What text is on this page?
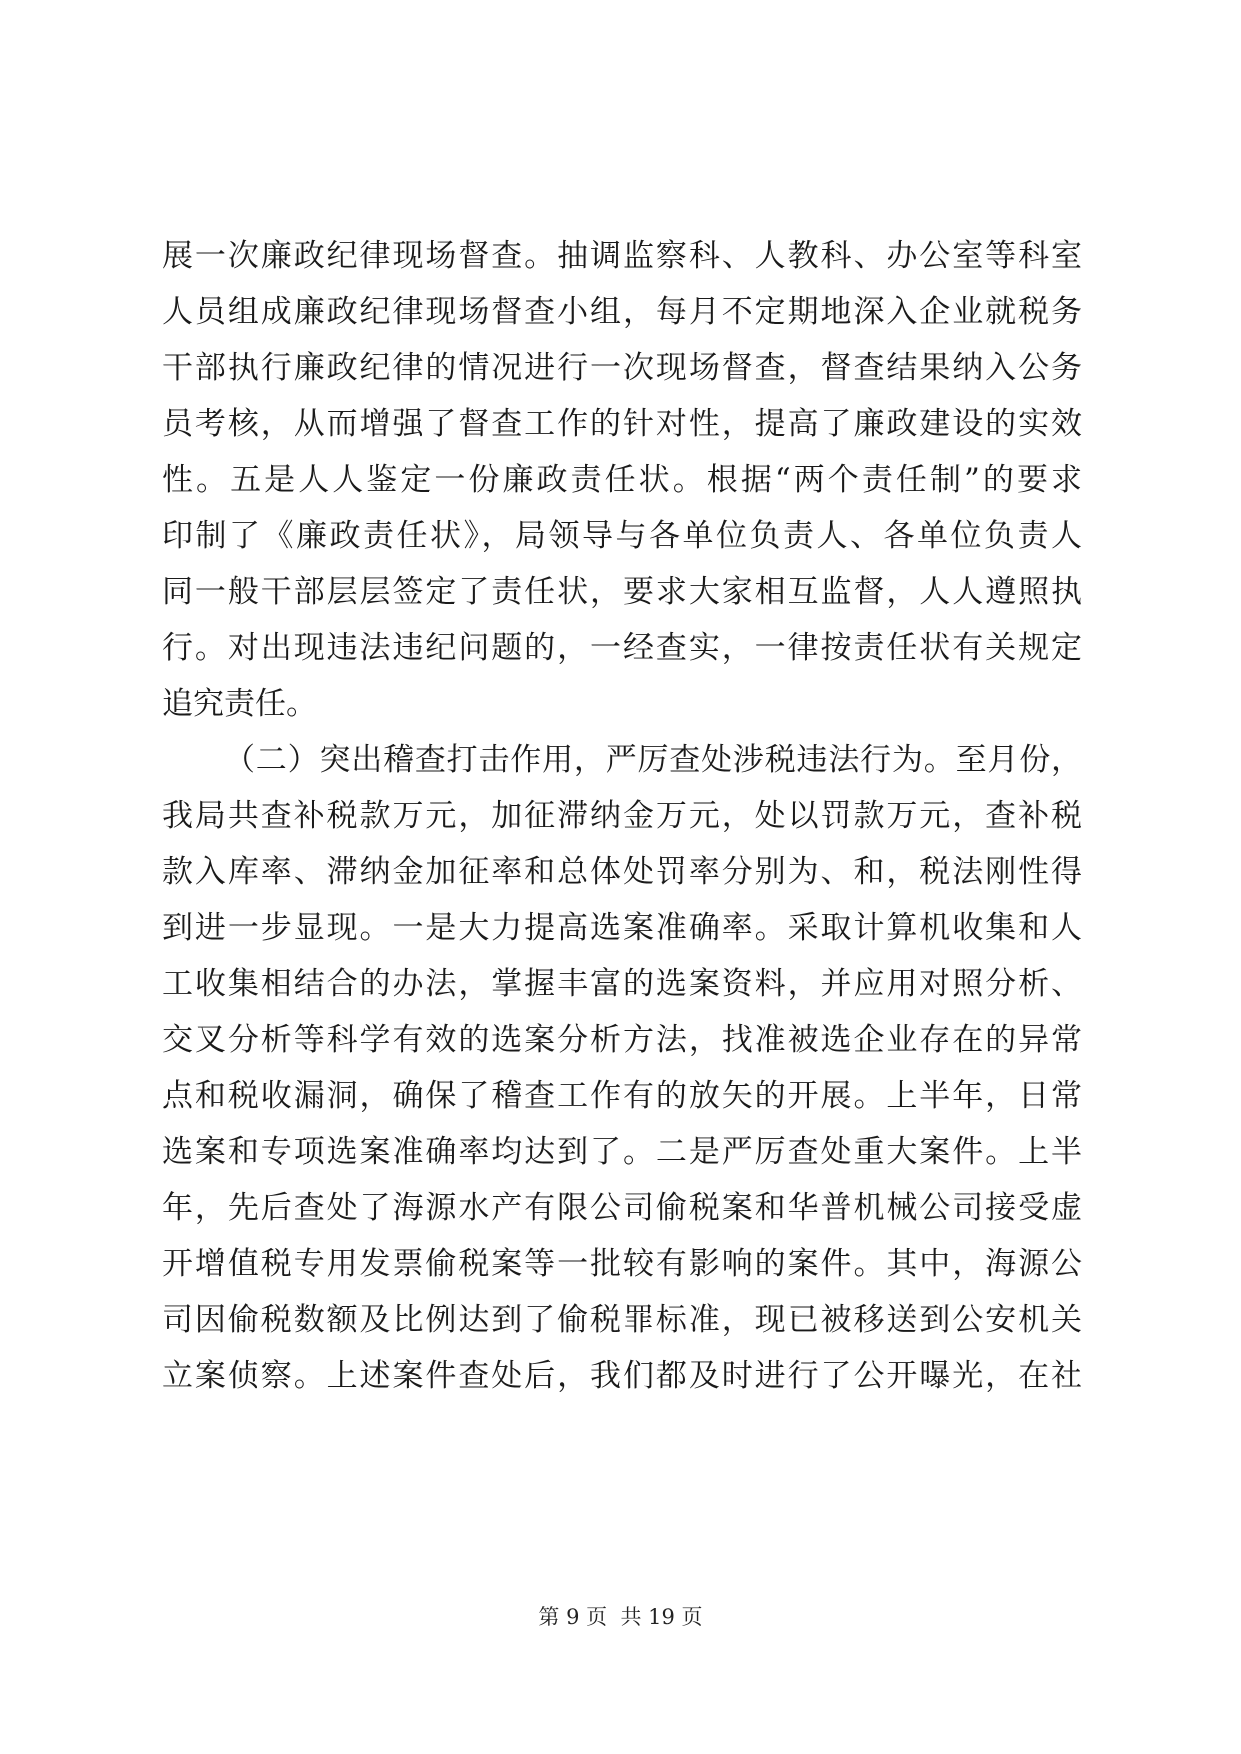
展一次廉政纪律现场督查。抽调监察科、人教科、办公室等科室
人员组成廉政纪律现场督查小组，每月不定期地深入企业就税务
干部执行廉政纪律的情况进行一次现场督查，督查结果纳入公务
员考核，从而增强了督查工作的针对性，提高了廉政建设的实效
性。五是人人鉴定一份廉政责任状。根据“两个责任制”的要求
印制了《廉政责任状》，局领导与各单位负责人、各单位负责人
同一般干部层层签定了责任状，要求大家相互监督，人人遵照执
行。对出现违法违纪问题的，一经查实，一律按责任状有关规定
追究责任。
（二）突出稽查打击作用，严厉查处涉税违法行为。至月份，
我局共查补税款万元，加征滞纳金万元，处以罚款万元，查补税
款入库率、滞纳金加征率和总体处罚率分别为、和，税法刚性得
到进一步显现。一是大力提高选案准确率。采取计算机收集和人
工收集相结合的办法，掌握丰富的选案资料，并应用对照分析、
交叉分析等科学有效的选案分析方法，找准被选企业存在的异常
点和税收漏洞，确保了稽查工作有的放矢的开展。上半年，日常
选案和专项选案准确率均达到了。二是严厉查处重大案件。上半
年，先后查处了海源水产有限公司偷税案和华普机械公司接受虚
开增值税专用发票偷税案等一批较有影响的案件。其中，海源公
司因偷税数额及比例达到了偷税罪标准，现已被移送到公安机关
立案侦察。上述案件查处后，我们都及时进行了公开曝光，在社
第 9 页  共 19 页
